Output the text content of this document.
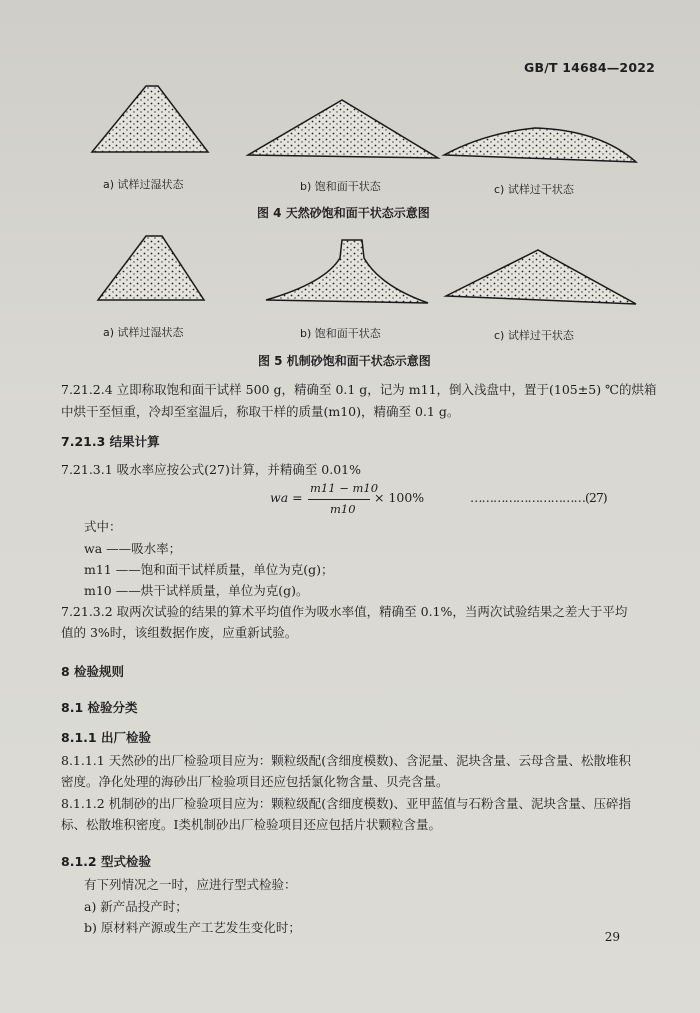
GB/T 14684—2022
a) 试样过湿状态	b) 饱和面干状态	c) 试样过干状态
图 4 天然砂饱和面干状态示意图
a) 试样过湿状态	b) 饱和面干状态	c) 试样过干状态
图 5 机制砂饱和面干状态示意图
7.21.2.4 立即称取饱和面干试样 500 g，精确至 0.1 g，记为 m11，倒入浅盘中，置于(105±5) ℃的烘箱
中烘干至恒重，冷却至室温后，称取干样的质量(m10)，精确至 0.1 g。
7.21.3 结果计算
7.21.3.1 吸水率应按公式(27)计算，并精确至 0.01%
wa =
m11 − m10
m10
× 100%	…………………………(27)
式中：
wa ——吸水率；
m11 ——饱和面干试样质量，单位为克(g)；
m10 ——烘干试样质量，单位为克(g)。
7.21.3.2 取两次试验的结果的算术平均值作为吸水率值，精确至 0.1%，当两次试验结果之差大于平均
值的 3%时，该组数据作废，应重新试验。
8 检验规则
8.1 检验分类
8.1.1 出厂检验
8.1.1.1 天然砂的出厂检验项目应为：颗粒级配(含细度模数)、含泥量、泥块含量、云母含量、松散堆积
密度。净化处理的海砂出厂检验项目还应包括氯化物含量、贝壳含量。
8.1.1.2 机制砂的出厂检验项目应为：颗粒级配(含细度模数)、亚甲蓝值与石粉含量、泥块含量、压碎指
标、松散堆积密度。Ⅰ类机制砂出厂检验项目还应包括片状颗粒含量。
8.1.2 型式检验
有下列情况之一时，应进行型式检验：
a) 新产品投产时；
b) 原材料产源或生产工艺发生变化时；
29
